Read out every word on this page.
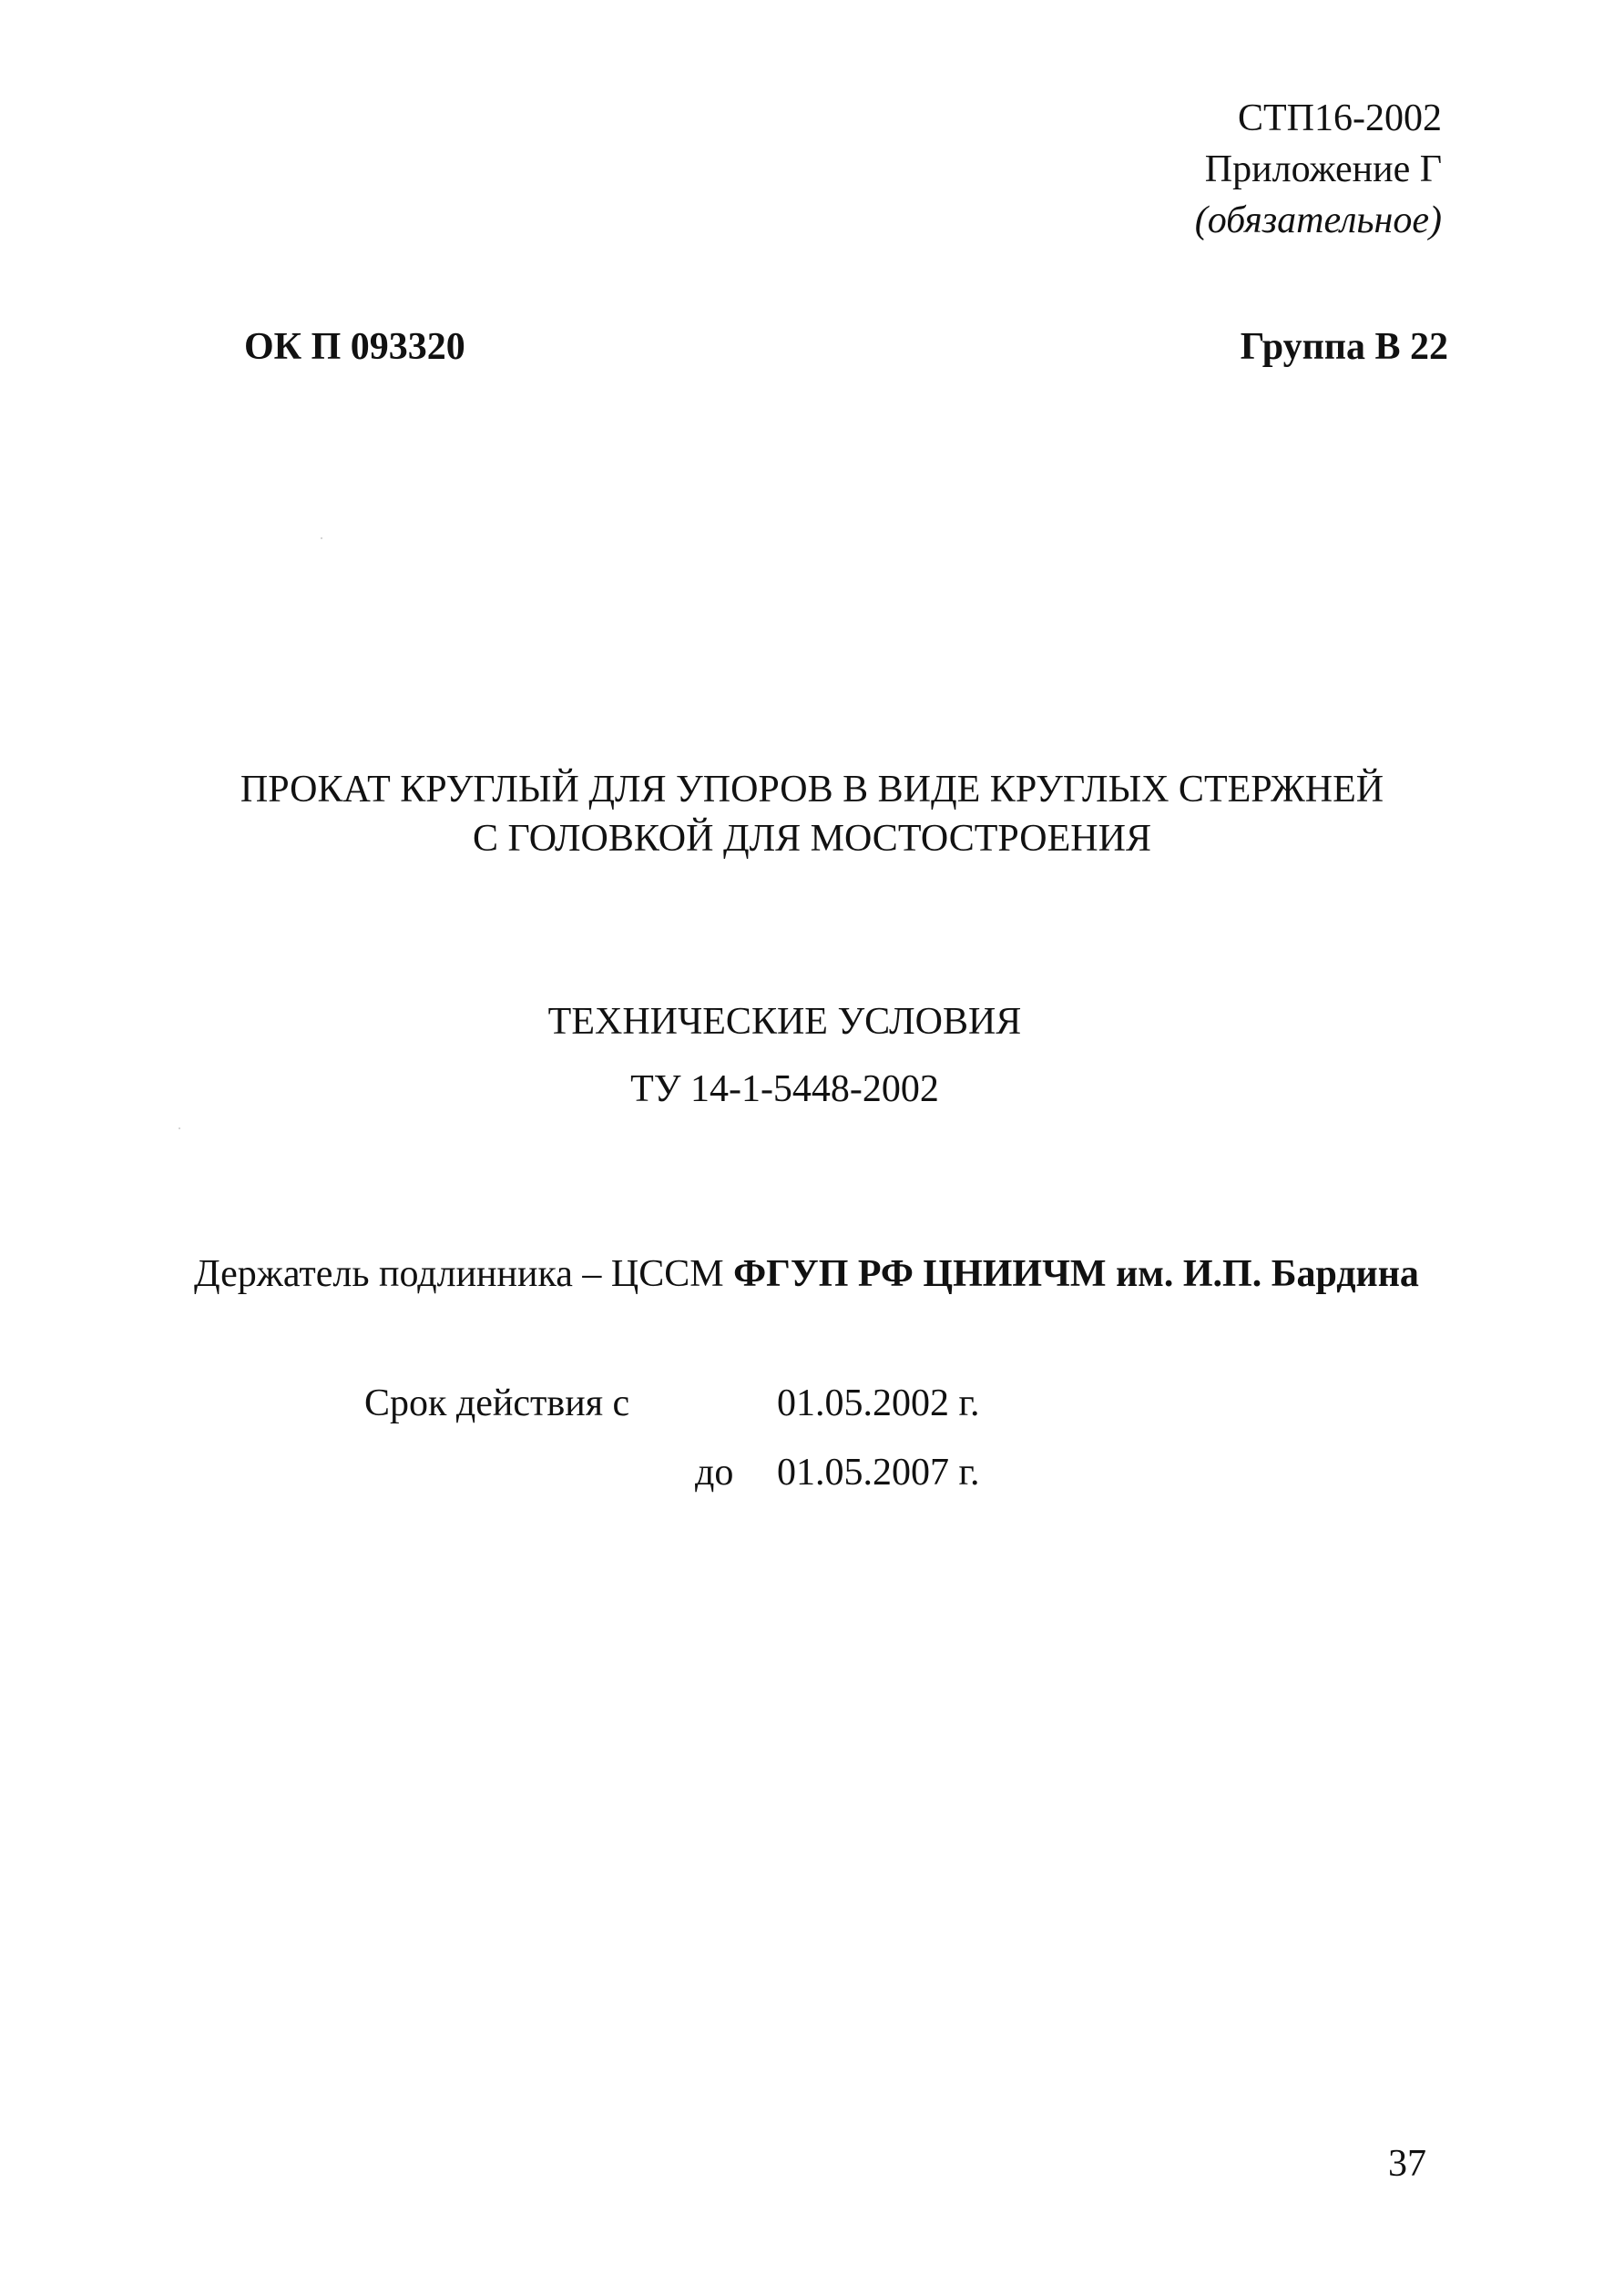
СТП16-2002
Приложение Г
(обязательное)
ОК П 093320	Группа В 22
ПРОКАТ КРУГЛЫЙ ДЛЯ УПОРОВ В ВИДЕ КРУГЛЫХ СТЕРЖНЕЙ
С ГОЛОВКОЙ ДЛЯ МОСТОСТРОЕНИЯ
ТЕХНИЧЕСКИЕ УСЛОВИЯ
ТУ 14-1-5448-2002
Держатель подлинника – ЦССМ ФГУП РФ ЦНИИЧМ им. И.П. Бардина
Срок действия с	01.05.2002 г.
до 01.05.2007 г.
37
